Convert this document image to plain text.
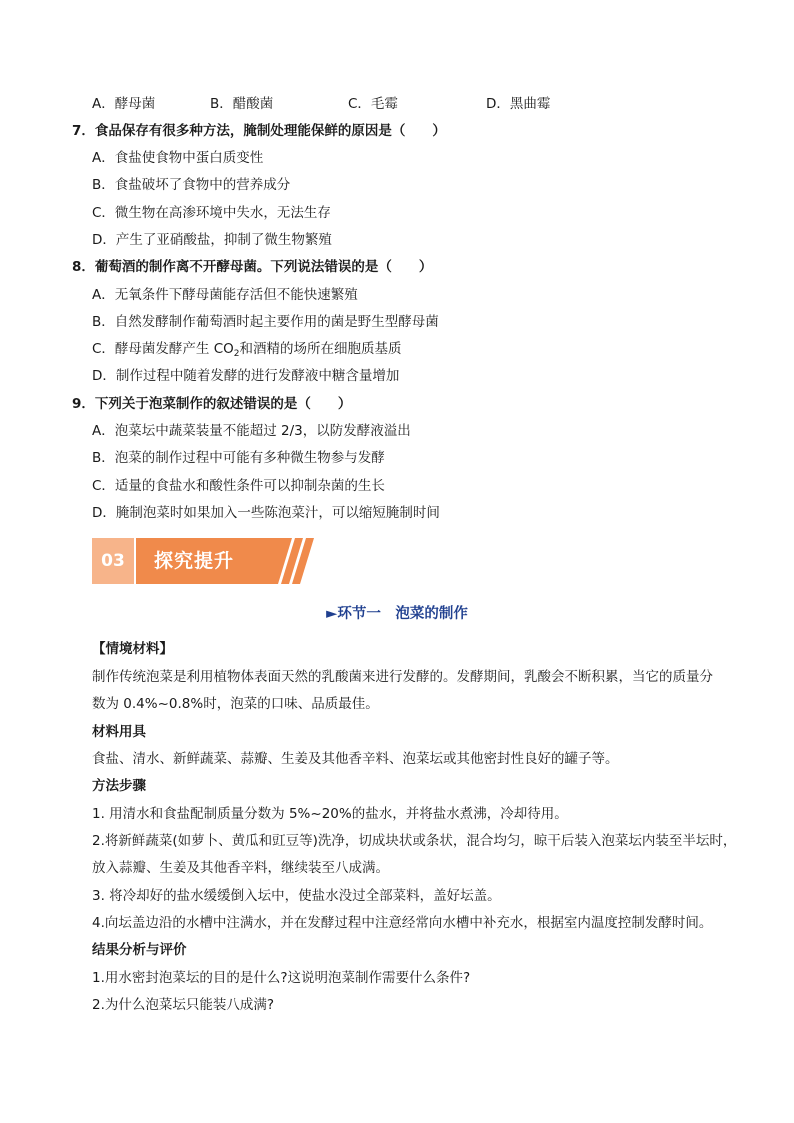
A．酵母菌	B．醋酸菌	C．毛霉	D．黑曲霉
7．食品保存有很多种方法，腌制处理能保鲜的原因是（　　）
A．食盐使食物中蛋白质变性
B．食盐破坏了食物中的营养成分
C．微生物在高渗环境中失水，无法生存
D．产生了亚硝酸盐，抑制了微生物繁殖
8．葡萄酒的制作离不开酵母菌。下列说法错误的是（　　）
A．无氧条件下酵母菌能存活但不能快速繁殖
B．自然发酵制作葡萄酒时起主要作用的菌是野生型酵母菌
C．酵母菌发酵产生 $CO_2$和酒精的场所在细胞质基质
D．制作过程中随着发酵的进行发酵液中糖含量增加
9．下列关于泡菜制作的叙述错误的是（　　）
A．泡菜坛中蔬菜装量不能超过 2/3，以防发酵液溢出
B．泡菜的制作过程中可能有多种微生物参与发酵
C．适量的食盐水和酸性条件可以抑制杂菌的生长
D．腌制泡菜时如果加入一些陈泡菜汁，可以缩短腌制时间
03	探究提升
►环节一　泡菜的制作
【情境材料】
制作传统泡菜是利用植物体表面天然的乳酸菌来进行发酵的。发酵期间，乳酸会不断积累，当它的质量分
数为 0.4%~0.8%时，泡菜的口味、品质最佳。
材料用具
食盐、清水、新鲜蔬菜、蒜瓣、生姜及其他香辛料、泡菜坛或其他密封性良好的罐子等。
方法步骤
1. 用清水和食盐配制质量分数为 5%~20%的盐水，并将盐水煮沸，冷却待用。
2.将新鲜蔬菜(如萝卜、黄瓜和豇豆等)洗净，切成块状或条状，混合均匀，晾干后装入泡菜坛内装至半坛时，
放入蒜瓣、生姜及其他香辛料，继续装至八成满。
3. 将冷却好的盐水缓缓倒入坛中，使盐水没过全部菜料，盖好坛盖。
4.向坛盖边沿的水槽中注满水，并在发酵过程中注意经常向水槽中补充水，根据室内温度控制发酵时间。
结果分析与评价
1.用水密封泡菜坛的目的是什么?这说明泡菜制作需要什么条件?
2.为什么泡菜坛只能装八成满?
